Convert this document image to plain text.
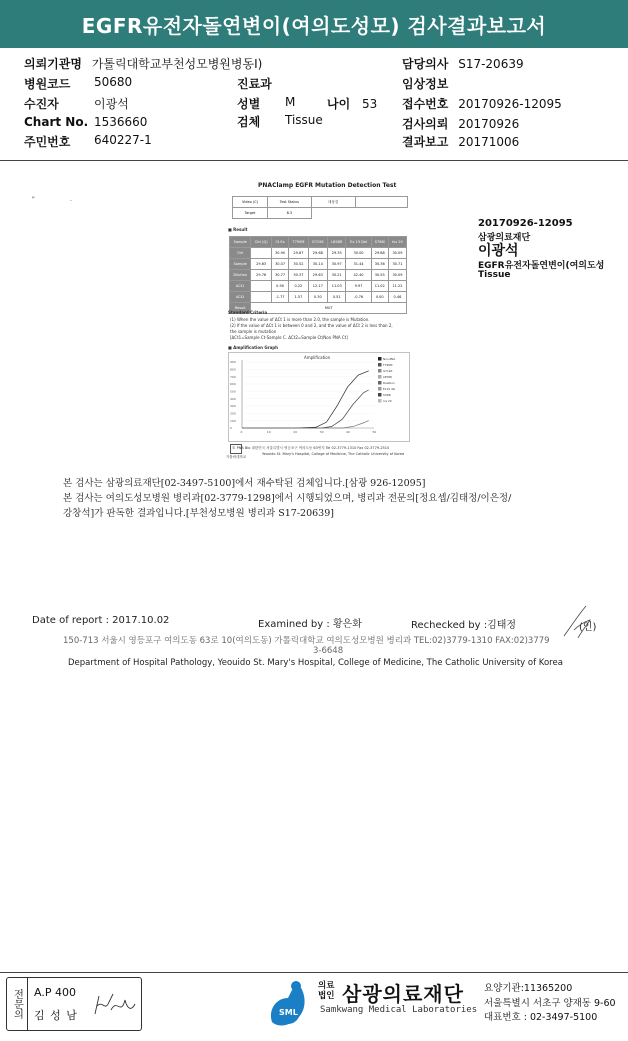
EGFR유전자돌연변이(여의도성모) 검사결과보고서
의뢰기관명 가톨릭대학교부천성모병원병동I)	담당의사 S17-20639
병원코드 50680	진료과	임상정보
수진자	이광석	성별 M	나이 53 접수번호 20170926-12095
Chart No. 1536660	검체 Tissue	검사의뢰 20170926
주민번호 640227-1	결과보고 20171006
"	·
PNAClamp EGFR Mutation Detection Test
Video (C)	Test Status	대상검	
Target	8.3		
■ Result
Sample	Ctrl (Q)	Ct Ex	T790M	G719X	L858R	Ex 19 Del	S768I	Ins 20
Ctrl		30.90	29.87	29.68	29.35	30.00	29.88	30.09
Sample	29.63	30.07	30.52	30.14	30.97	31.44	30.36	30.71
Dilution	29.76	30.77	30.37	29.63	30.21	42.40	30.55	30.09
ΔCt1		0.90	0.22	12.17	11.03	9.97	11.02	11.22
ΔCt2		-1.77	1.57	0.30	0.51	-0.76	0.00	0.46
Result	MUT							
Standard Criteria
(1) When the value of ΔCt 1 is more than 2.0, the sample is Mutation.
(2) If the value of ΔCt 1 is between 0 and 2, and the value of ΔCt 2 is less than 2,
the sample is mutation
[ΔCt1=Sample Ct-Sample C. ΔCt2=Sample Ct/Non PNA Ct]
■ Amplification Graph
Amplification
900
800
700
600
500
400
300
200
100
0
0	10	20	30	40	50
Non-PNA
T790M
G719X
L858R
Deletion
Ex19 del
S768I
Ins 20
© PNA Bio 대한민국 서울특별시 영등포구 여의도동 63번지 Tel 02-3779-1310 Fax 02-3779-2510
Yeouido St. Mary's Hospital, College of Medicine, The Catholic University of Korea
가톨릭대학교
20170926-12095
삼광의료재단
이광석
EGFR유전자돌연변이(여의도성
Tissue
본 검사는 삼광의료재단[02-3497-5100]에서 재수탁된 검체입니다.[삼광 926-12095]
본 검사는 여의도성모병원 병리과[02-3779-1298]에서 시행되었으며, 병리과 전문의[정요셉/김태정/이은정/
강창석]가 판독한 결과입니다.[부천성모병원 병리과 S17-20639]
Date of report : 2017.10.02	Examined by : 황은화	Rechecked by :김태정	(인)
150-713 서울시 영등포구 여의도동 63로 10(여의도동) 가톨릭대학교 여의도성모병원 병리과 TEL:02)3779-1310 FAX:02)3779
3-6648
Department of Hospital Pathology, Yeouido St. Mary's Hospital, College of Medicine, The Catholic University of Korea
전문의 A.P 400
김 성 남	SML
의료
법인 삼광의료재단
Samkwang Medical Laboratories
요양기관:11365200
서울특별시 서초구 양재동 9-60
대표번호 : 02-3497-5100
